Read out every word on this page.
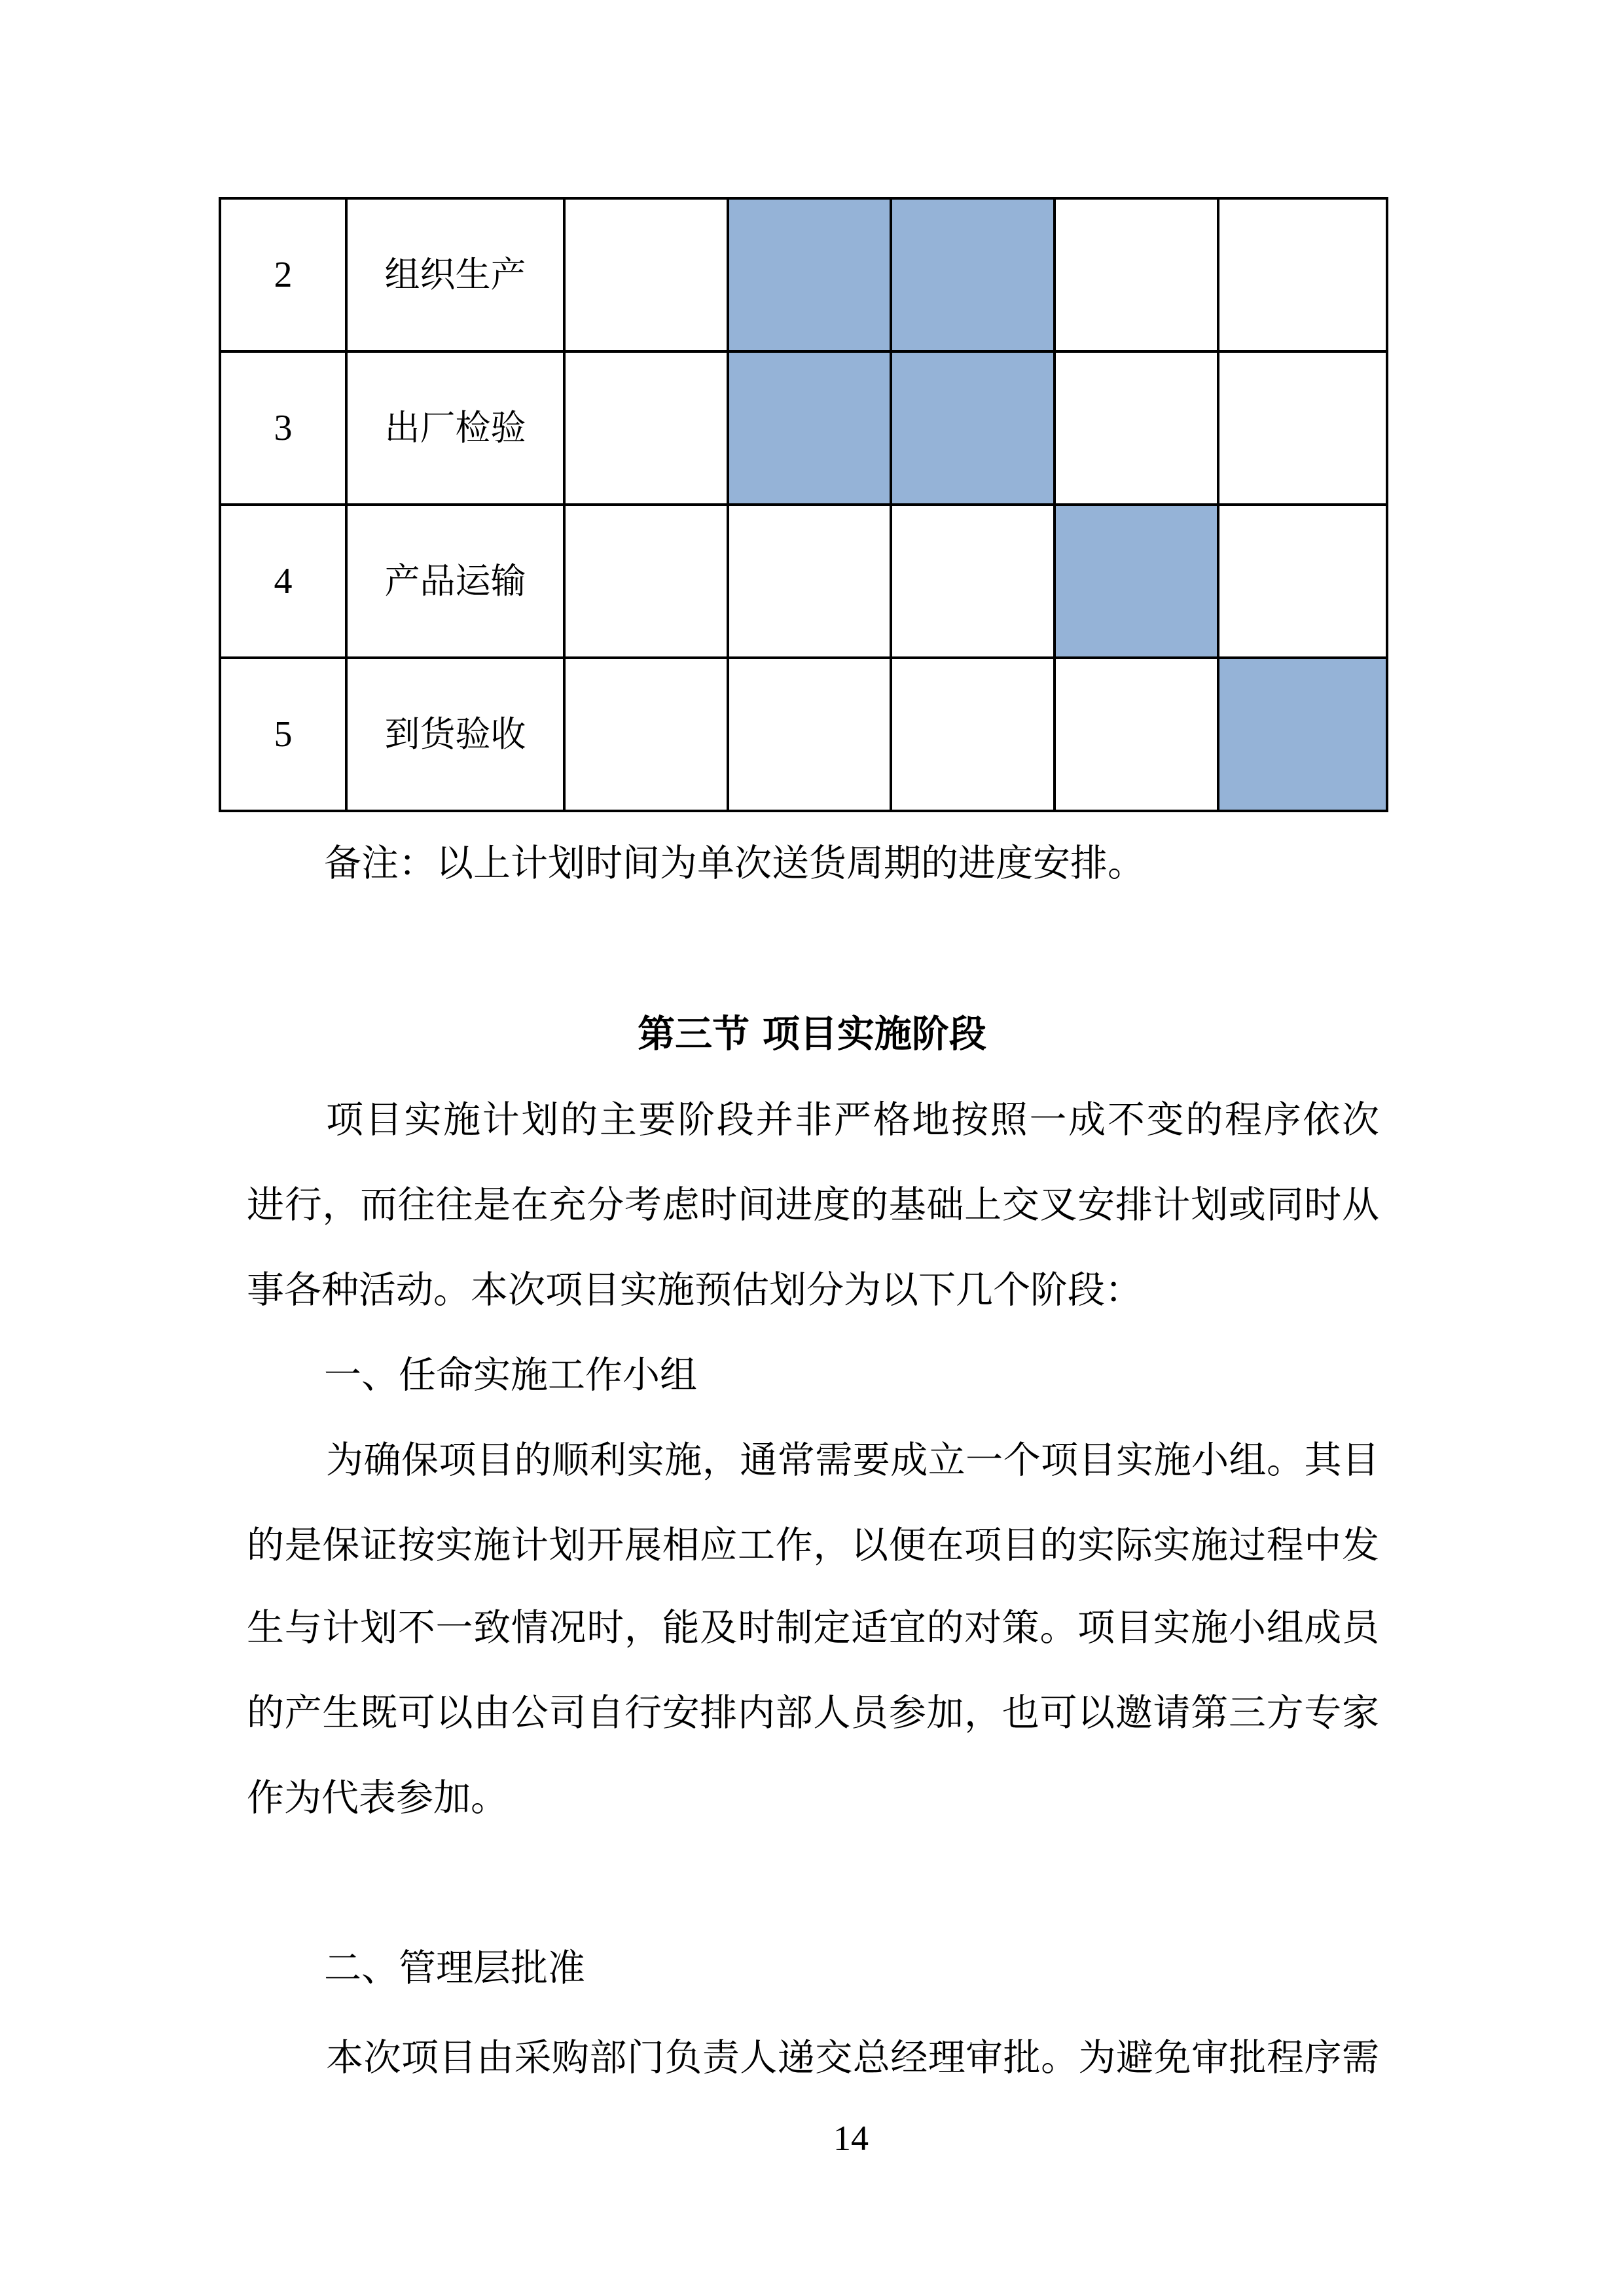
2	组织生产					
3	出厂检验					
4	产品运输					
5	到货验收					
备注：以上计划时间为单次送货周期的进度安排。
第三节 项目实施阶段
项目实施计划的主要阶段并非严格地按照一成不变的程序依次
进行，而往往是在充分考虑时间进度的基础上交叉安排计划或同时从
事各种活动。本次项目实施预估划分为以下几个阶段：
一、任命实施工作小组
为确保项目的顺利实施，通常需要成立一个项目实施小组。其目
的是保证按实施计划开展相应工作，以便在项目的实际实施过程中发
生与计划不一致情况时，能及时制定适宜的对策。项目实施小组成员
的产生既可以由公司自行安排内部人员参加，也可以邀请第三方专家
作为代表参加。
二、管理层批准
本次项目由采购部门负责人递交总经理审批。为避免审批程序需
14
